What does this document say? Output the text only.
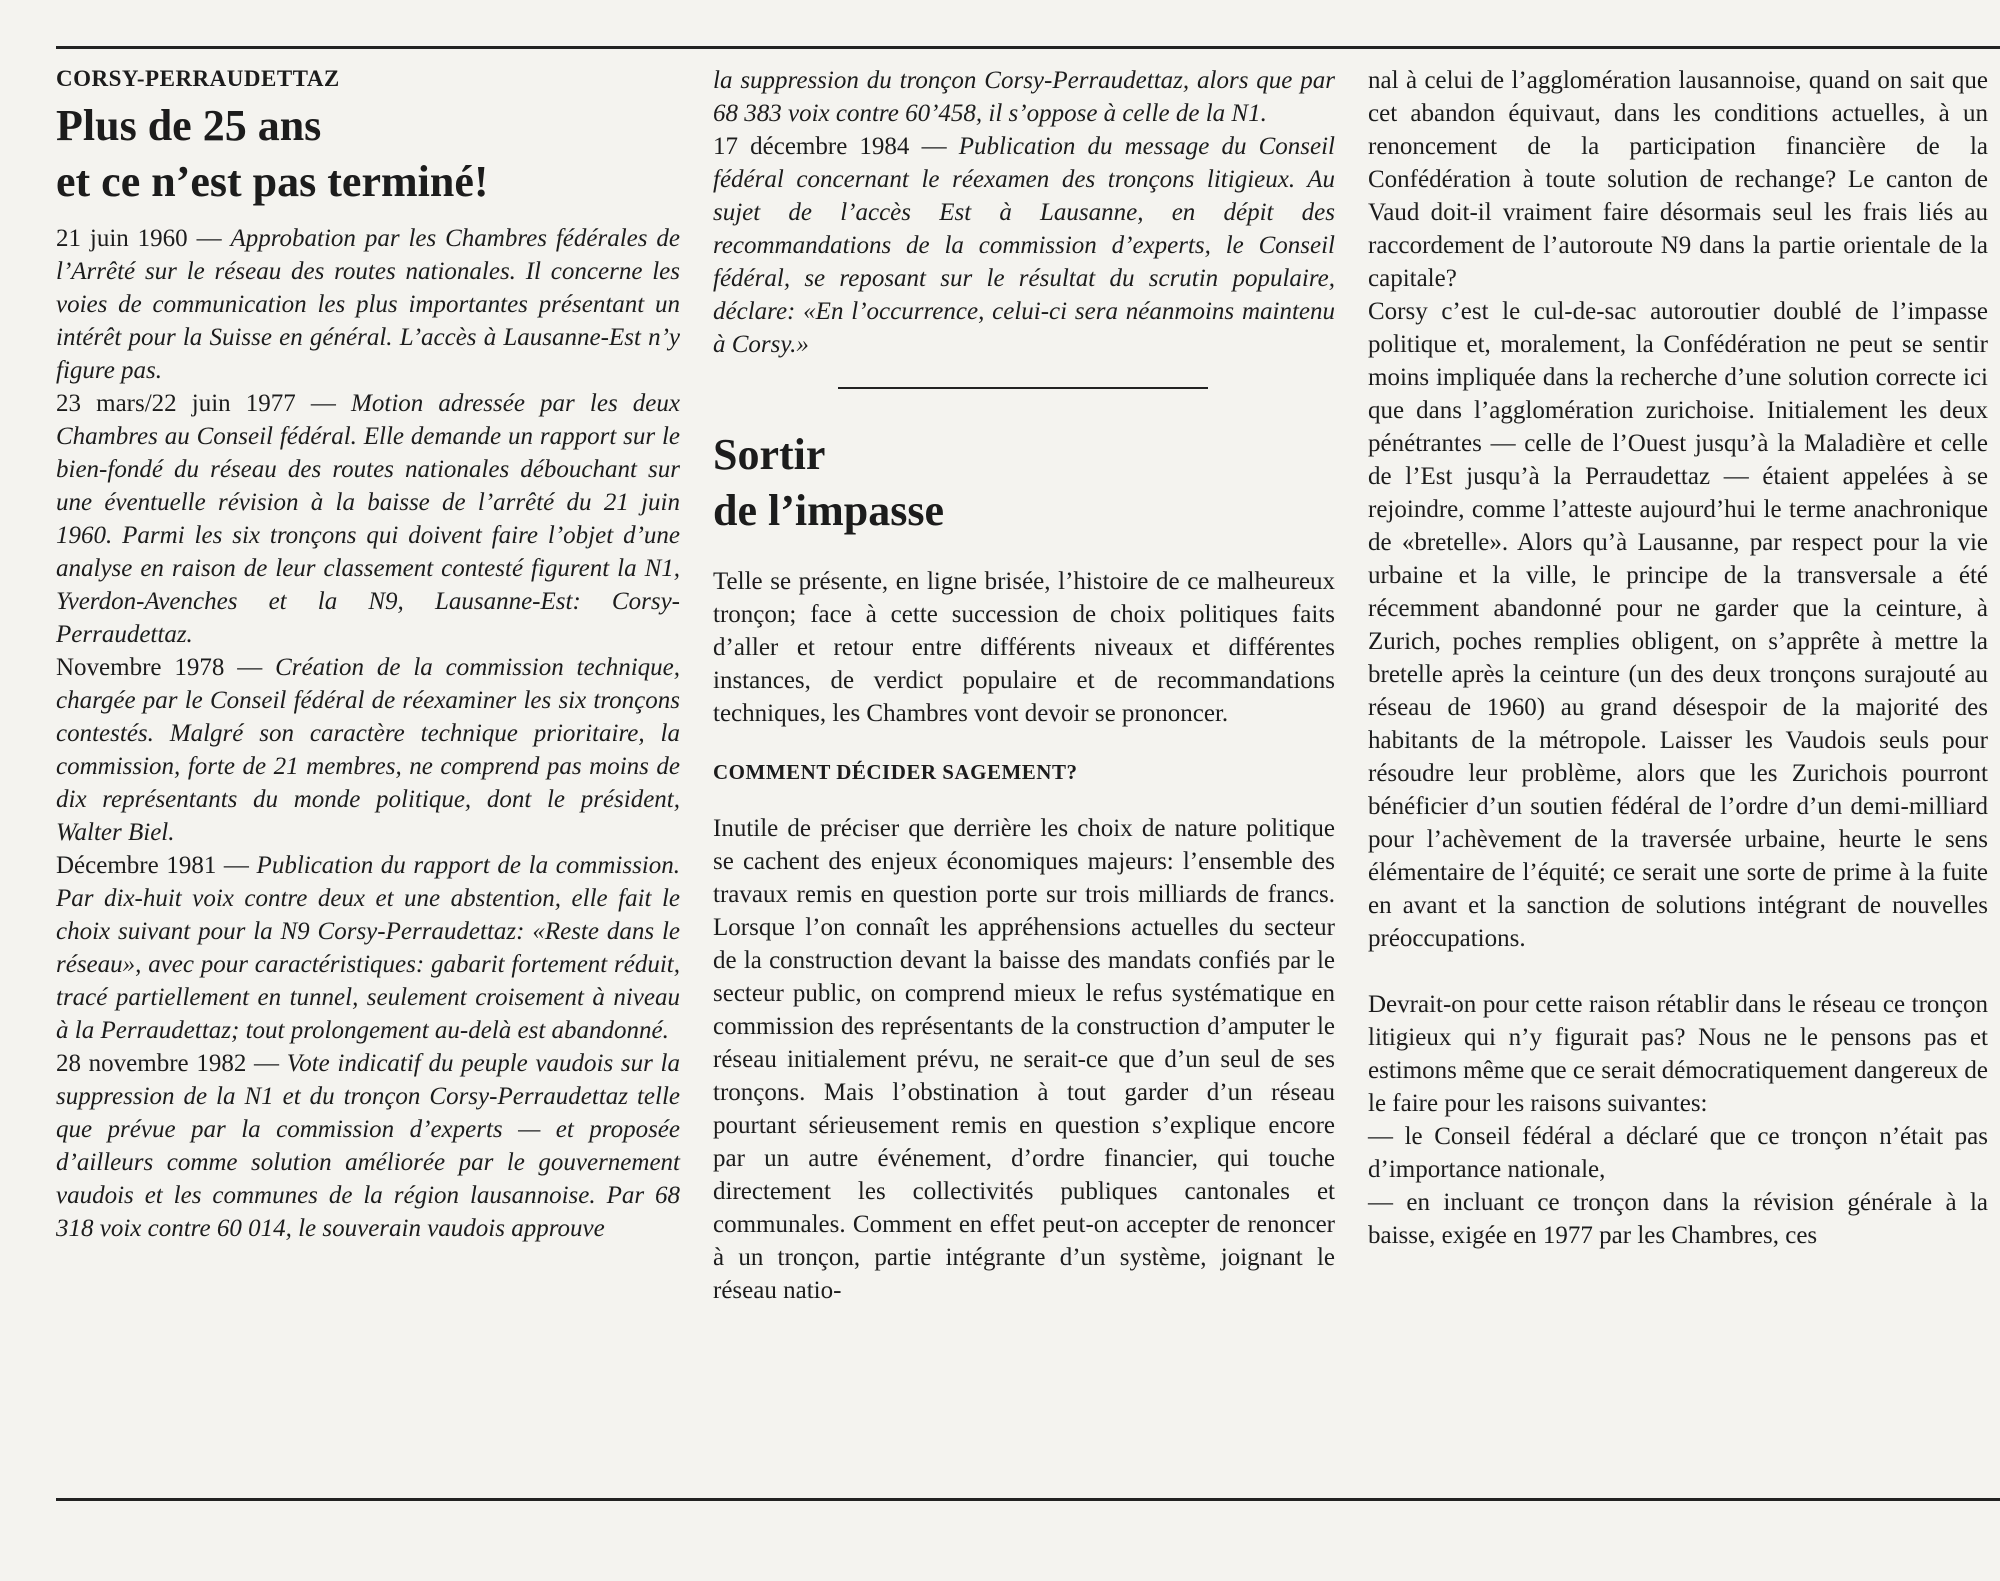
CORSY-PERRAUDETTAZ

Plus de 25 ans
et ce n’est pas terminé!

21 juin 1960 — Approbation par les Chambres fédérales de l’Arrêté sur le réseau des routes nationales. Il concerne les voies de communication les plus importantes présentant un intérêt pour la Suisse en général. L’accès à Lausanne-Est n’y figure pas.

23 mars/22 juin 1977 — Motion adressée par les deux Chambres au Conseil fédéral. Elle demande un rapport sur le bien-fondé du réseau des routes nationales débouchant sur une éventuelle révision à la baisse de l’arrêté du 21 juin 1960. Parmi les six tronçons qui doivent faire l’objet d’une analyse en raison de leur classement contesté figurent la N1, Yverdon-Avenches et la N9, Lausanne-Est: Corsy-Perraudettaz.

Novembre 1978 — Création de la commission technique, chargée par le Conseil fédéral de réexaminer les six tronçons contestés. Malgré son caractère technique prioritaire, la commission, forte de 21 membres, ne comprend pas moins de dix représentants du monde politique, dont le président, Walter Biel.

Décembre 1981 — Publication du rapport de la commission. Par dix-huit voix contre deux et une abstention, elle fait le choix suivant pour la N9 Corsy-Perraudettaz: «Reste dans le réseau», avec pour caractéristiques: gabarit fortement réduit, tracé partiellement en tunnel, seulement croisement à niveau à la Perraudettaz; tout prolongement au-delà est abandonné.

28 novembre 1982 — Vote indicatif du peuple vaudois sur la suppression de la N1 et du tronçon Corsy-Perraudettaz telle que prévue par la commission d’experts — et proposée d’ailleurs comme solution améliorée par le gouvernement vaudois et les communes de la région lausannoise. Par 68 318 voix contre 60 014, le souverain vaudois approuve

la suppression du tronçon Corsy-Perraudettaz, alors que par 68 383 voix contre 60’458, il s’oppose à celle de la N1.

17 décembre 1984 — Publication du message du Conseil fédéral concernant le réexamen des tronçons litigieux. Au sujet de l’accès Est à Lausanne, en dépit des recommandations de la commission d’experts, le Conseil fédéral, se reposant sur le résultat du scrutin populaire, déclare: «En l’occurrence, celui-ci sera néanmoins maintenu à Corsy.»

Sortir
de l’impasse

Telle se présente, en ligne brisée, l’histoire de ce malheureux tronçon; face à cette succession de choix politiques faits d’aller et retour entre différents niveaux et différentes instances, de verdict populaire et de recommandations techniques, les Chambres vont devoir se prononcer.

COMMENT DÉCIDER SAGEMENT?

Inutile de préciser que derrière les choix de nature politique se cachent des enjeux économiques majeurs: l’ensemble des travaux remis en question porte sur trois milliards de francs. Lorsque l’on connaît les appréhensions actuelles du secteur de la construction devant la baisse des mandats confiés par le secteur public, on comprend mieux le refus systématique en commission des représentants de la construction d’amputer le réseau initialement prévu, ne serait-ce que d’un seul de ses tronçons. Mais l’obstination à tout garder d’un réseau pourtant sérieusement remis en question s’explique encore par un autre événement, d’ordre financier, qui touche directement les collectivités publiques cantonales et communales. Comment en effet peut-on accepter de renoncer à un tronçon, partie intégrante d’un système, joignant le réseau natio-

nal à celui de l’agglomération lausannoise, quand on sait que cet abandon équivaut, dans les conditions actuelles, à un renoncement de la participation financière de la Confédération à toute solution de rechange? Le canton de Vaud doit-il vraiment faire désormais seul les frais liés au raccordement de l’autoroute N9 dans la partie orientale de la capitale?

Corsy c’est le cul-de-sac autoroutier doublé de l’impasse politique et, moralement, la Confédération ne peut se sentir moins impliquée dans la recherche d’une solution correcte ici que dans l’agglomération zurichoise. Initialement les deux pénétrantes — celle de l’Ouest jusqu’à la Maladière et celle de l’Est jusqu’à la Perraudettaz — étaient appelées à se rejoindre, comme l’atteste aujourd’hui le terme anachronique de «bretelle». Alors qu’à Lausanne, par respect pour la vie urbaine et la ville, le principe de la transversale a été récemment abandonné pour ne garder que la ceinture, à Zurich, poches remplies obligent, on s’apprête à mettre la bretelle après la ceinture (un des deux tronçons surajouté au réseau de 1960) au grand désespoir de la majorité des habitants de la métropole. Laisser les Vaudois seuls pour résoudre leur problème, alors que les Zurichois pourront bénéficier d’un soutien fédéral de l’ordre d’un demi-milliard pour l’achèvement de la traversée urbaine, heurte le sens élémentaire de l’équité; ce serait une sorte de prime à la fuite en avant et la sanction de solutions intégrant de nouvelles préoccupations.

Devrait-on pour cette raison rétablir dans le réseau ce tronçon litigieux qui n’y figurait pas? Nous ne le pensons pas et estimons même que ce serait démocratiquement dangereux de le faire pour les raisons suivantes:

— le Conseil fédéral a déclaré que ce tronçon n’était pas d’importance nationale,

— en incluant ce tronçon dans la révision générale à la baisse, exigée en 1977 par les Chambres, ces
